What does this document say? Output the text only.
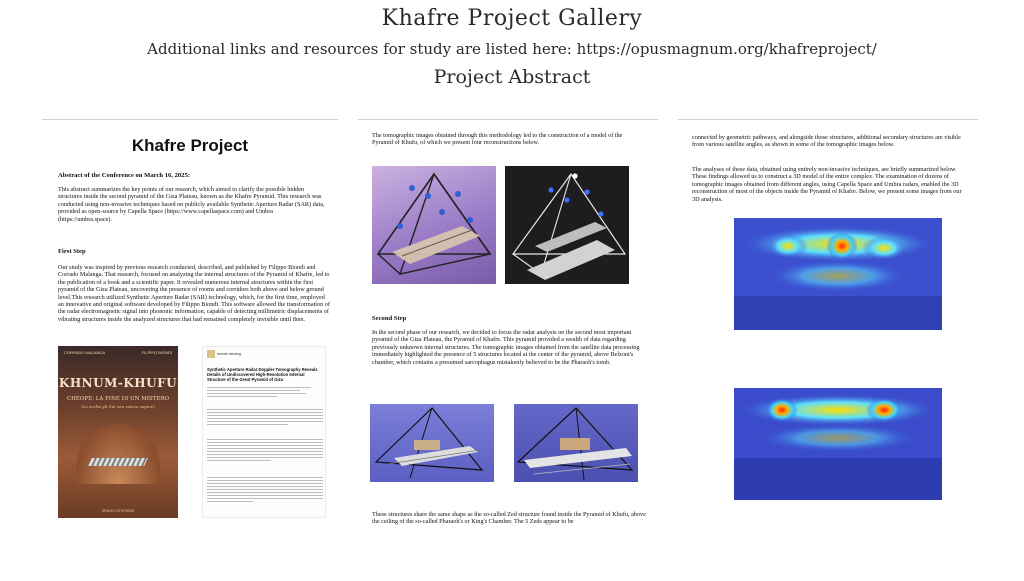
Khafre Project Gallery
Additional links and resources for study are listed here: https://opusmagnum.org/khafreproject/
Project Abstract
Khafre Project
Abstract of the Conference on March 16, 2025:
This abstract summarizes the key points of our research, which aimed to clarify the possible hidden structures inside the second pyramid of the Giza Plateau, known as the Khafre Pyramid. This research was conducted using non-invasive techniques based on publicly available Synthetic Aperture Radar (SAR) data, provided as open-source by Capella Space (https://www.capellaspace.com) and Umbra (https://umbra.space).
First Step
Our study was inspired by previous research conducted, described, and published by Filippo Biondi and Corrado Malanga. That research, focused on analyzing the internal structures of the Pyramid of Khafre, led to the publication of a book and a scientific paper. It revealed numerous internal structures within the first pyramid of the Giza Plateau, uncovering the presence of rooms and corridors both above and below ground level.This research utilized Synthetic Aperture Radar (SAR) technology, which, for the first time, employed an innovative and original software developed by Filippo Biondi. This software allowed the transformation of the radar electromagnetic signal into phononic information, capable of detecting millimetric displacements of vibrating structures inside the analyzed structures that had remained completely invisible until then.
CORRADO MALANGA	FILIPPO BIONDI
KHNUM-KHUFU
CHEOPE: LA FINE DI UN MISTERO
(La scelta gli Dèi non voleva sapere)
SPAZIO INTERIORE
remote sensing
Synthetic Aperture Radar Doppler Tomography Reveals Details of Undiscovered High-Resolution Internal Structure of the Great Pyramid of Giza
The tomographic images obtained through this methodology led to the construction of a model of the Pyramid of Khufu, of which we present four reconstructions below.
Second Step
In the second phase of our research, we decided to focus the radar analysis on the second most important pyramid of the Giza Plateau, the Pyramid of Khafre. This pyramid provided a wealth of data regarding previously unknown internal structures. The tomographic images obtained from the satellite data processing immediately highlighted the presence of 5 structures located at the center of the pyramid, above Belzoni's chamber, which contains a presumed sarcophagus mistakenly believed to be the Pharaoh's tomb.
These structures share the same shape as the so-called Zed structure found inside the Pyramid of Khufu, above the ceiling of the so-called Pharaoh's or King's Chamber. The 5 Zeds appear to be
connected by geometric pathways, and alongside those structures, additional secondary structures are visible from various satellite angles, as shown in some of the tomographic images below.
The analyses of these data, obtained using entirely non-invasive techniques, are briefly summarized below. These findings allowed us to construct a 3D model of the entire complex. The examination of dozens of tomographic images obtained from different angles, using Capella Space and Umbra radars, enabled the 3D reconstruction of most of the objects inside the Pyramid of Khafre. Below, we present some images from our 3D analysis.
